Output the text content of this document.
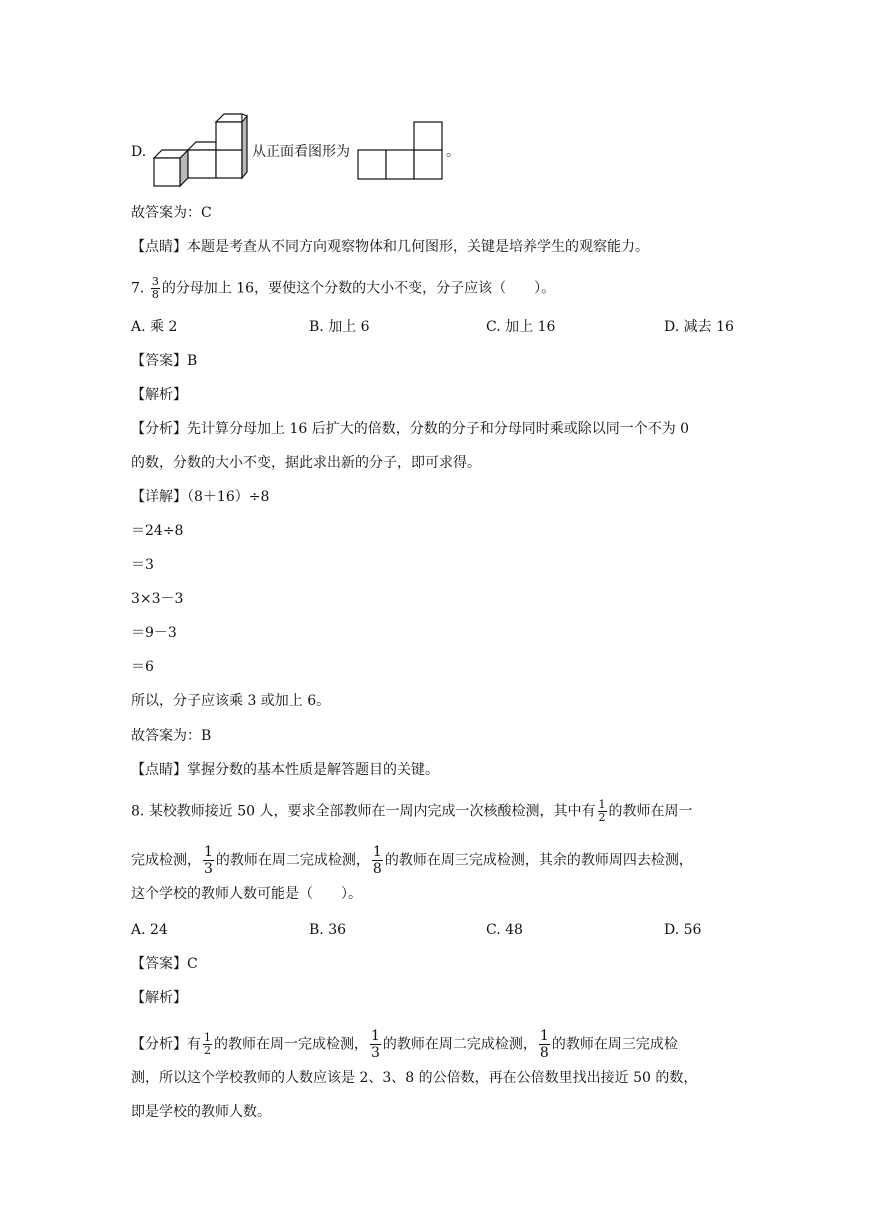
D.	从正面看图形为	。
故答案为：C
【点睛】本题是考查从不同方向观察物体和几何图形，关键是培养学生的观察能力。
7. $\frac{3}{8}$ 的分母加上 16，要使这个分数的大小不变，分子应该（　　）。
A. 乘 2	B. 加上 6	C. 加上 16	D. 减去 16
【答案】B
【解析】
【分析】先计算分母加上 16 后扩大的倍数，分数的分子和分母同时乘或除以同一个不为 0
的数，分数的大小不变，据此求出新的分子，即可求得。
【详解】（8＋16）÷8
＝24÷8
＝3
3×3－3
＝9－3
＝6
所以，分子应该乘 3 或加上 6。
故答案为：B
【点睛】掌握分数的基本性质是解答题目的关键。
8. 某校教师接近 50 人，要求全部教师在一周内完成一次核酸检测，其中有 $\frac{1}{2}$ 的教师在周一
完成检测， $\frac{1}{3}$ 的教师在周二完成检测， $\frac{1}{8}$ 的教师在周三完成检测，其余的教师周四去检测，
这个学校的教师人数可能是（　　）。
A. 24	B. 36	C. 48	D. 56
【答案】C
【解析】
【分析】有 $\frac{1}{2}$ 的教师在周一完成检测， $\frac{1}{3}$ 的教师在周二完成检测， $\frac{1}{8}$ 的教师在周三完成检
测，所以这个学校教师的人数应该是 2、3、8 的公倍数，再在公倍数里找出接近 50 的数，
即是学校的教师人数。
